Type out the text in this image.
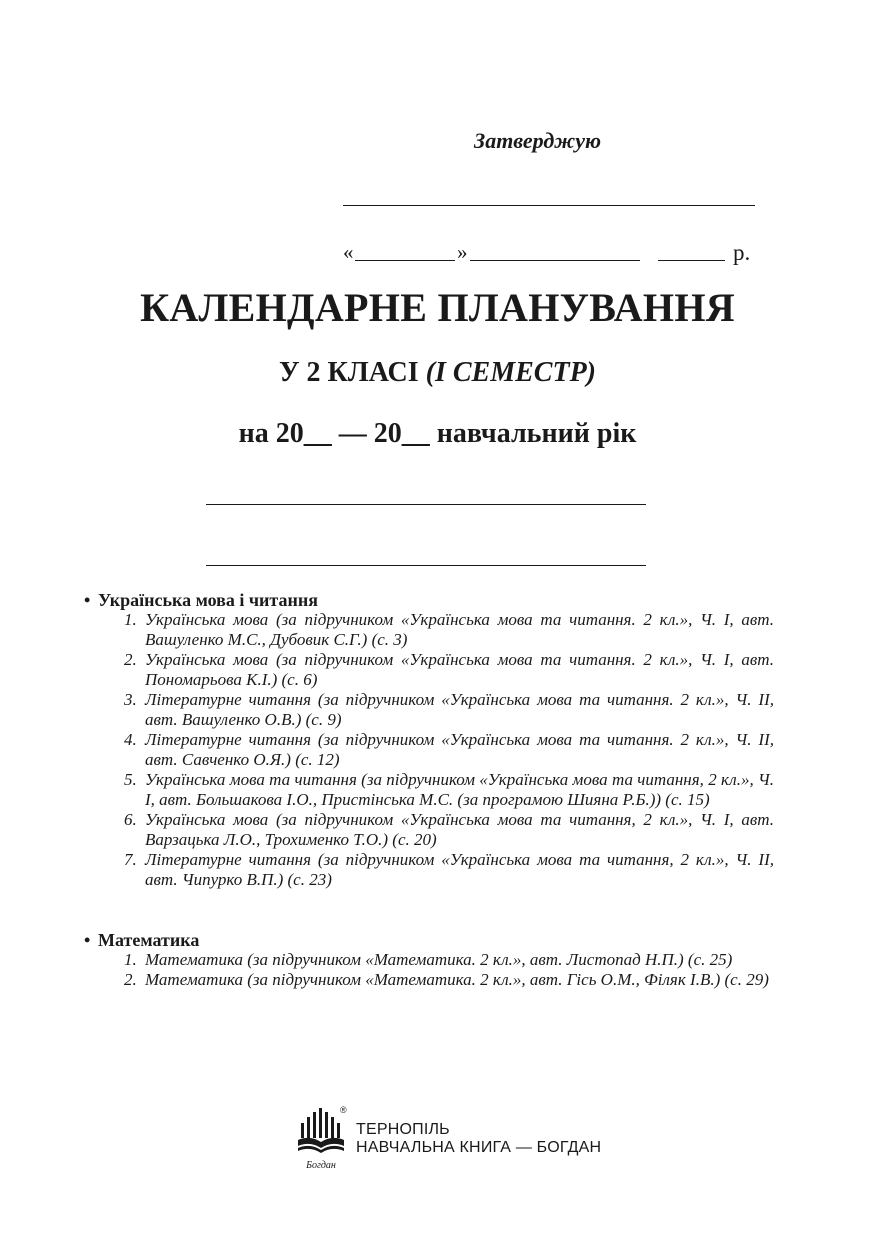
Затверджую
«	»	р.
КАЛЕНДАРНЕ ПЛАНУВАННЯ
У 2 КЛАСІ (I СЕМЕСТР)
на 20__ — 20__ навчальний рік
• Українська мова і читання
1. Українська мова (за підручником «Українська мова та читання. 2 кл.», Ч. І, авт. Вашуленко М.С., Дубовик С.Г.) (с. 3)
2. Українська мова (за підручником «Українська мова та читання. 2 кл.», Ч. І, авт. Пономарьова К.І.) (с. 6)
3. Літературне читання (за підручником «Українська мова та читання. 2 кл.», Ч. ІІ, авт. Вашуленко О.В.) (с. 9)
4. Літературне читання (за підручником «Українська мова та читання. 2 кл.», Ч. ІІ, авт. Савченко О.Я.) (с. 12)
5. Українська мова та читання (за підручником «Українська мова та читання, 2 кл.», Ч. І, авт. Большакова І.О., Пристінська М.С. (за програмою Шияна Р.Б.)) (с. 15)
6. Українська мова (за підручником «Українська мова та читання, 2 кл.», Ч. І, авт. Варзацька Л.О., Трохименко Т.О.) (с. 20)
7. Літературне читання (за підручником «Українська мова та читання, 2 кл.», Ч. ІІ, авт. Чипурко В.П.) (с. 23)
• Математика
1. Математика (за підручником «Математика. 2 кл.», авт. Листопад Н.П.) (с. 25)
2. Математика (за підручником «Математика. 2 кл.», авт. Гісь О.М., Філяк І.В.) (с. 29)
Богдан
®
ТЕРНОПІЛЬ
НАВЧАЛЬНА КНИГА — БОГДАН
